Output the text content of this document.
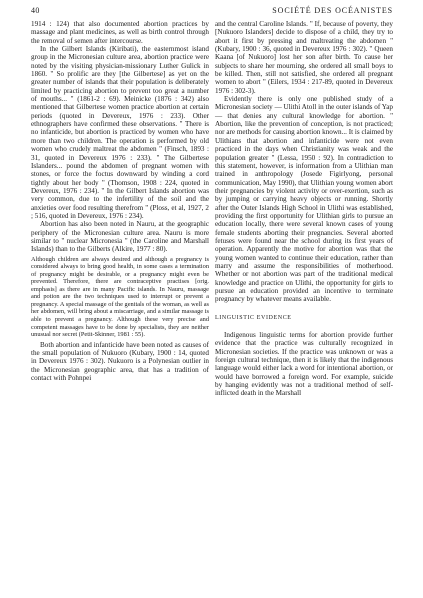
40	SOCIÉTÉ DES OCÉANISTES

1914 : 124) that also documented abortion practices by massage and plant medicines, as well as birth control through the removal of semen after intercourse.

In the Gilbert Islands (Kiribati), the easternmost island group in the Micronesian culture area, abortion practice were noted by the visiting physician-missionary Luther Gulick in 1860. " So prolific are they [the Gilbertese] as yet on the greater number of islands that their population is deliberately limited by practicing abortion to prevent too great a number of mouths... " (1861-2 : 69). Meinicke (1876 : 342) also mentioned that Gilbertese women practice abortion at certain periods (quoted in Devereux, 1976 : 233). Other ethnographers have confirmed these observations. " There is no infanticide, but abortion is practiced by women who have more than two children. The operation is performed by old women who crudely maltreat the abdomen " (Finsch, 1893 : 31, quoted in Devereux 1976 : 233). " The Gilbertese Islanders... pound the abdomen of pregnant women with stones, or force the foctus downward by winding a cord tightly about her body " (Thomson, 1908 : 224, quoted in Devereux, 1976 : 234). " In the Gilbert Islands abortion was very common, due to the infertility of the soil and the anxieties over food resulting therefrom " (Ploss, et al, 1927, 2 ; 516, quoted in Devereux, 1976 : 234).

Abortion has also been noted in Nauru, at the geographic periphery of the Micronesian culture area. Nauru is more similar to " nuclear Micronesia " (the Caroline and Marshall Islands) than to the Gilberts (Alkire, 1977 : 80).

Although children are always desired and although a pregnancy is considered always to bring good health, in some cases a termination of pregnancy might be desirable, or a pregnancy might even be prevented. Therefore, there are contraceptive practises [orig. emphasis] as there are in many Pacific islands. In Nauru, massage and potion are the two techniques used to interrupt or prevent a pregnancy. A special massage of the genitals of the woman, as well as her abdomen, will bring about a miscarriage, and a similar massage is able to prevent a pregnancy. Although these very precise and competent massages have to be done by specialists, they are neither unusual nor secret (Petit-Skinner, 1981 : 55).

Both abortion and infanticide have been noted as causes of the small population of Nukuoro (Kubary, 1900 : 14, quoted in Devereux 1976 : 302). Nukuoro is a Polynesian outlier in the Micronesian geographic area, that has a tradition of contact with Pohnpei

and the central Caroline Islands. " If, because of poverty, they [Nukuoro Islanders] decide to dispose of a child, they try to abort it first by pressing and maltreating the abdomen " (Kubary, 1900 : 36, quoted in Devereux 1976 : 302). " Queen Kaana [of Nukuoro] lost her son after birth. To cause her subjects to share her mourning, she ordered all small boys to be killed. Then, still not satisfied, she ordered all pregnant women to abort " (Eilers, 1934 : 217-89, quoted in Devereux 1976 : 302-3).

Evidently there is only one published study of a Micronesian society — Ulithi Atoll in the outer islands of Yap — that denies any cultural knowledge for abortion. " Abortion, like the prevention of conception, is not practiced; nor are methods for causing abortion known... It is claimed by Ulithians that abortion and infanticide were not even practiced in the days when Christianity was weak and the population greater " (Lessa, 1950 : 92). In contradiction to this statement, however, is information from a Ulithian man trained in anthropology (Josede Figirlyong, personal communication, May 1990), that Ulithian young women abort their pregnancies by violent activity or over-exertion, such as by jumping or carrying heavy objects or running. Shortly after the Outer Islands High School in Ulithi was established, providing the first opportunity for Ulithian girls to pursue an education locally, there were several known cases of young female students aborting their pregnancies. Several aborted fetuses were found near the school during its first years of operation. Apparently the motive for abortion was that the young women wanted to continue their education, rather than marry and assume the responsibilities of motherhood. Whether or not abortion was part of the traditional medical knowledge and practice on Ulithi, the opportunity for girls to pursue an education provided an incentive to terminate pregnancy by whatever means available.

LINGUISTIC EVIDENCE

Indigenous linguistic terms for abortion provide further evidence that the practice was culturally recognized in Micronesian societies. If the practice was unknown or was a foreign cultural technique, then it is likely that the indigenous language would either lack a word for intentional abortion, or would have borrowed a foreign word. For example, suicide by hanging evidently was not a traditional method of self-inflicted death in the Marshall
